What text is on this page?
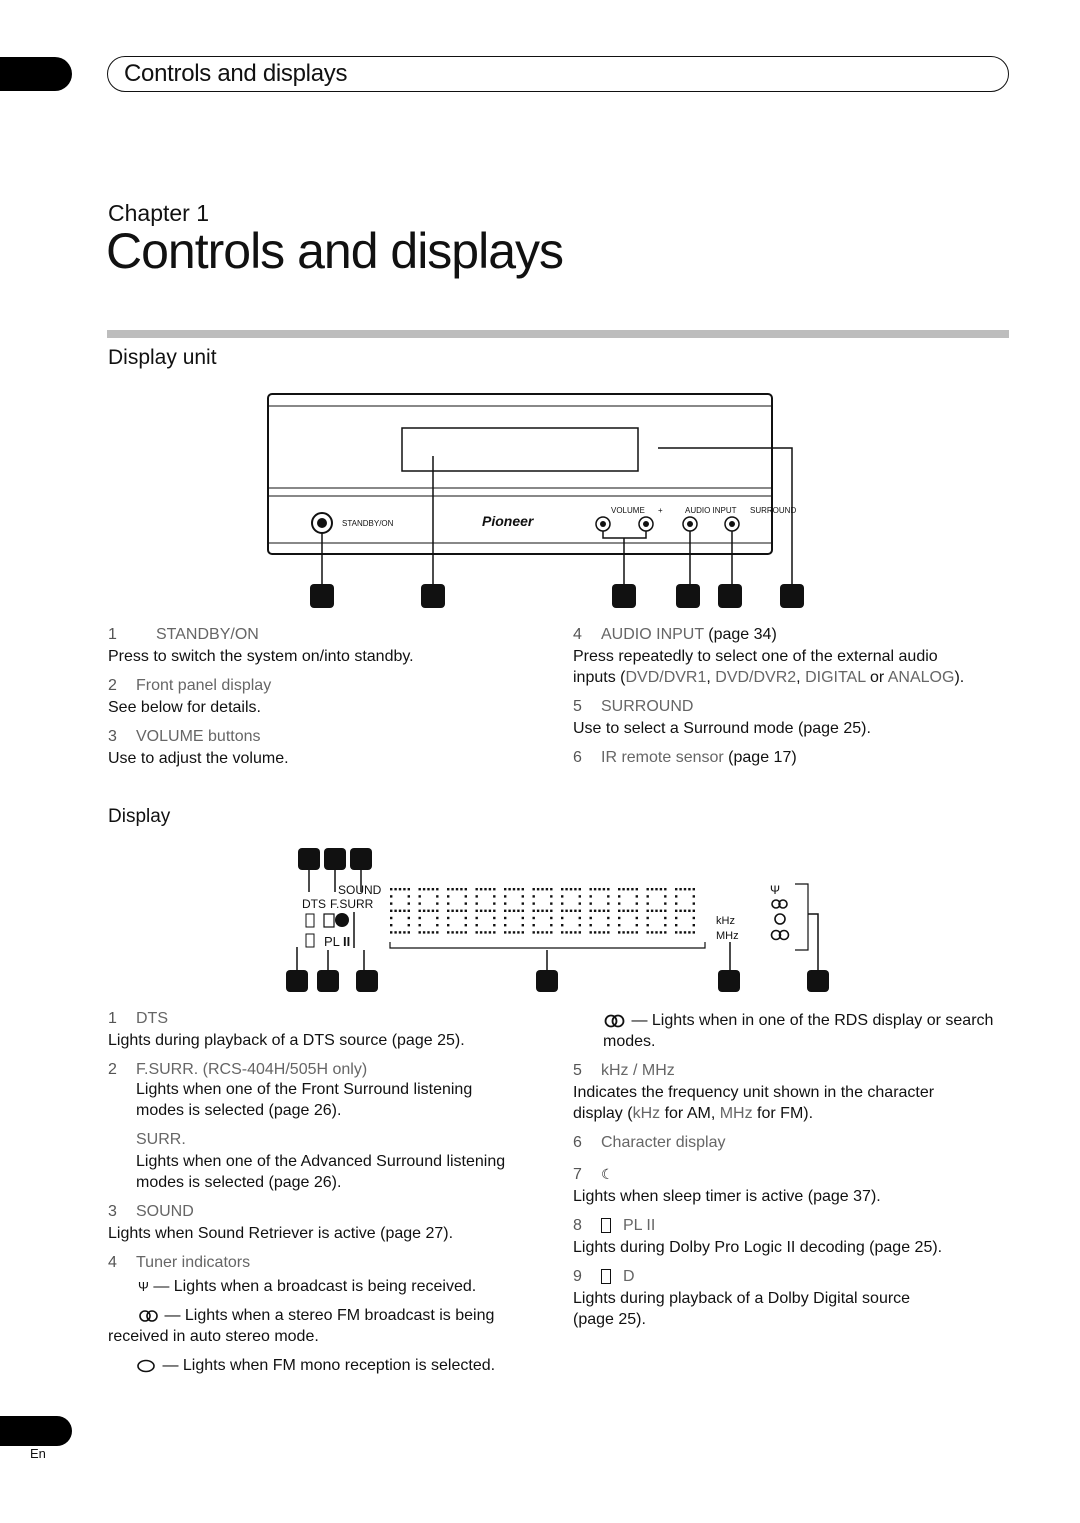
Controls and displays
Chapter 1
Controls and displays
Display unit
STANDBY/ON	Pioneer
VOLUME +	AUDIO INPUT SURROUND
1 STANDBY/ON
Press to switch the system on/into standby.
2 Front panel display
See below for details.
3 VOLUME buttons
Use to adjust the volume.
4 AUDIO INPUT (page 34)
Press repeatedly to select one of the external audio
inputs (DVD/DVR1, DVD/DVR2, DIGITAL or ANALOG).
5 SURROUND
Use to select a Surround mode (page 25).
6 IR remote sensor (page 17)
Display
SOUND
DTS F.SURR
PL II
kHz
MHz
Ψ
1 DTS
Lights during playback of a DTS source (page 25).
2 F.SURR. (RCS-404H/505H only)
Lights when one of the Front Surround listening
modes is selected (page 26).
SURR.
Lights when one of the Advanced Surround listening
modes is selected (page 26).
3 SOUND
Lights when Sound Retriever is active (page 27).
4 Tuner indicators
Ψ — Lights when a broadcast is being received.
— Lights when a stereo FM broadcast is being
received in auto stereo mode.
— Lights when FM mono reception is selected.
— Lights when in one of the RDS display or search
modes.
5 kHz / MHz
Indicates the frequency unit shown in the character
display (kHz for AM, MHz for FM).
6 Character display
7 ☾
Lights when sleep timer is active (page 37).
8	PL II
Lights during Dolby Pro Logic II decoding (page 25).
9	D
Lights during playback of a Dolby Digital source
(page 25).
En
